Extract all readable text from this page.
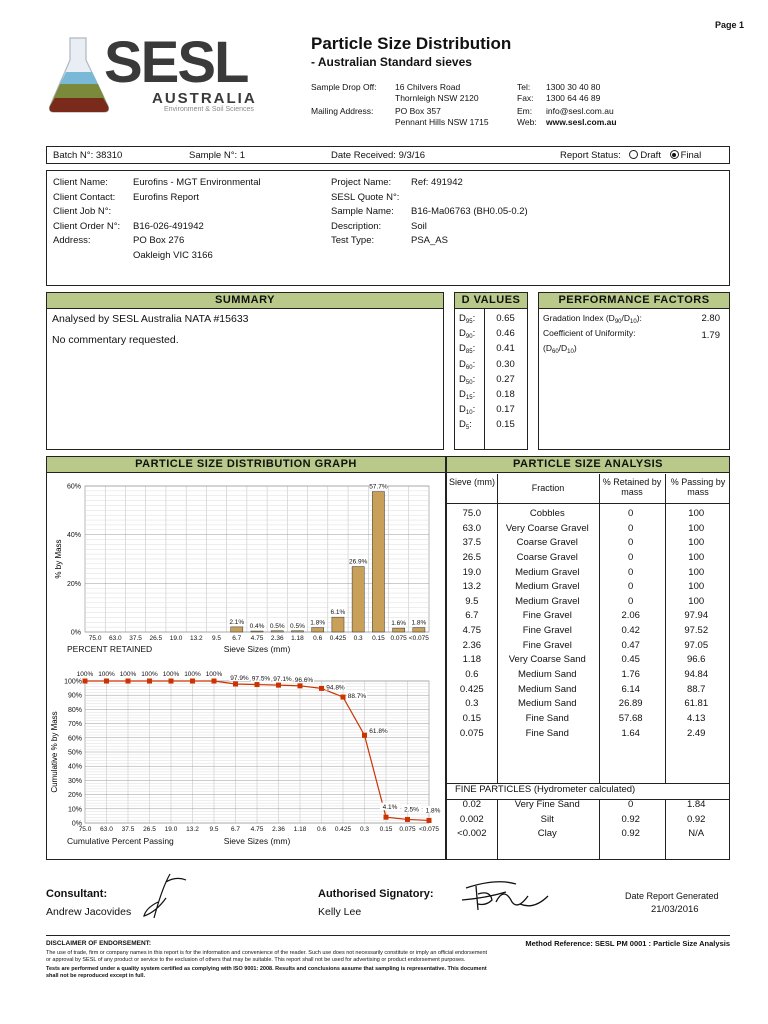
Page 1
SESL
AUSTRALIA
Environment & Soil Sciences
Particle Size Distribution
- Australian Standard sieves
Sample Drop Off:	16 Chilvers Road
Thornleigh NSW 2120
Mailing Address:	PO Box 357
Pennant Hills NSW 1715
Tel:	1300 30 40 80
Fax:	1300 64 46 89
Em:	info@sesl.com.au
Web:	www.sesl.com.au
Batch N°: 38310	Sample N°: 1	Date Received: 9/3/16	Report Status: Draft Final
Client Name:	Eurofins - MGT Environmental
Client Contact:	Eurofins Report
Client Job N°:
Client Order N°:	B16-026-491942
Address:	PO Box 276
Oakleigh VIC 3166
Project Name:	Ref: 491942
SESL Quote N°:
Sample Name:	B16-Ma06763 (BH0.05-0.2)
Description:	Soil
Test Type:	PSA_AS
SUMMARY
Analysed by SESL Australia NATA #15633
No commentary requested.
D VALUES
$D_{95}$:	0.65
$D_{90}$:	0.46
$D_{85}$:	0.41
$D_{60}$:	0.30
$D_{50}$:	0.27
$D_{15}$:	0.18
$D_{10}$:	0.17
$D_5$:	0.15
PERFORMANCE FACTORS
Gradation Index $(D_{90}/D_{10})$:	2.80
Coefficient of Uniformity:	1.79
$(D_{60}/D_{10})$
PARTICLE SIZE DISTRIBUTION GRAPH
0%
20%
40%
60%
75.0 63.0 37.5 26.5 19.0 13.2 9.5
2.1%
6.7
0.4%
4.75
0.5%
2.36
0.5%
1.18
1.8%
0.6
6.1%
0.425
26.9%
0.3
57.7%
0.15
1.6%
0.075
1.8%
<0.075
% by Mass
PERCENT RETAINED	Sieve Sizes (mm)
0%
10%
20%
30%
40%
50%
60%
70%
80%
90%
100%
100%
75.0
100%
63.0
100%
37.5
100%
26.5
100%
19.0
100%
13.2
100%
9.5
97.9%
6.7
97.5%
4.75
97.1%
2.36
96.6%
1.18
94.8%
0.6
88.7%
0.425
61.8%
0.3
4.1%
0.15
2.5%
0.075
1.8%
<0.075
Cumulative % by Mass
Cumulative Percent Passing	Sieve Sizes (mm)
PARTICLE SIZE ANALYSIS
Sieve (mm)
Fraction
% Retained by mass
% Passing by mass
75.0	Cobbles	0	100
63.0	Very Coarse Gravel	0	100
37.5	Coarse Gravel	0	100
26.5	Coarse Gravel	0	100
19.0	Medium Gravel	0	100
13.2	Medium Gravel	0	100
9.5	Medium Gravel	0	100
6.7	Fine Gravel	2.06	97.94
4.75	Fine Gravel	0.42	97.52
2.36	Fine Gravel	0.47	97.05
1.18	Very Coarse Sand	0.45	96.6
0.6	Medium Sand	1.76	94.84
0.425	Medium Sand	6.14	88.7
0.3	Medium Sand	26.89	61.81
0.15	Fine Sand	57.68	4.13
0.075	Fine Sand	1.64	2.49
FINE PARTICLES (Hydrometer calculated)
0.02	Very Fine Sand	0	1.84
0.002	Silt	0.92	0.92
<0.002	Clay	0.92	N/A
Consultant:
Andrew Jacovides
Authorised Signatory:
Kelly Lee
Date Report Generated
21/03/2016
DISCLAIMER OF ENDORSEMENT:	Method Reference: SESL PM 0001 : Particle Size Analysis
The use of trade, firm or company names in this report is for the information and convenience of the reader. Such use does not necessarily constitute or imply an official endorsement
or approval by SESL of any product or service to the exclusion of others that may be suitable. This report shall not be used for advertising or product endorsement purposes.
Tests are performed under a quality system certified as complying with ISO 9001: 2008. Results and conclusions assume that sampling is representative. This document
shall not be reproduced except in full.
